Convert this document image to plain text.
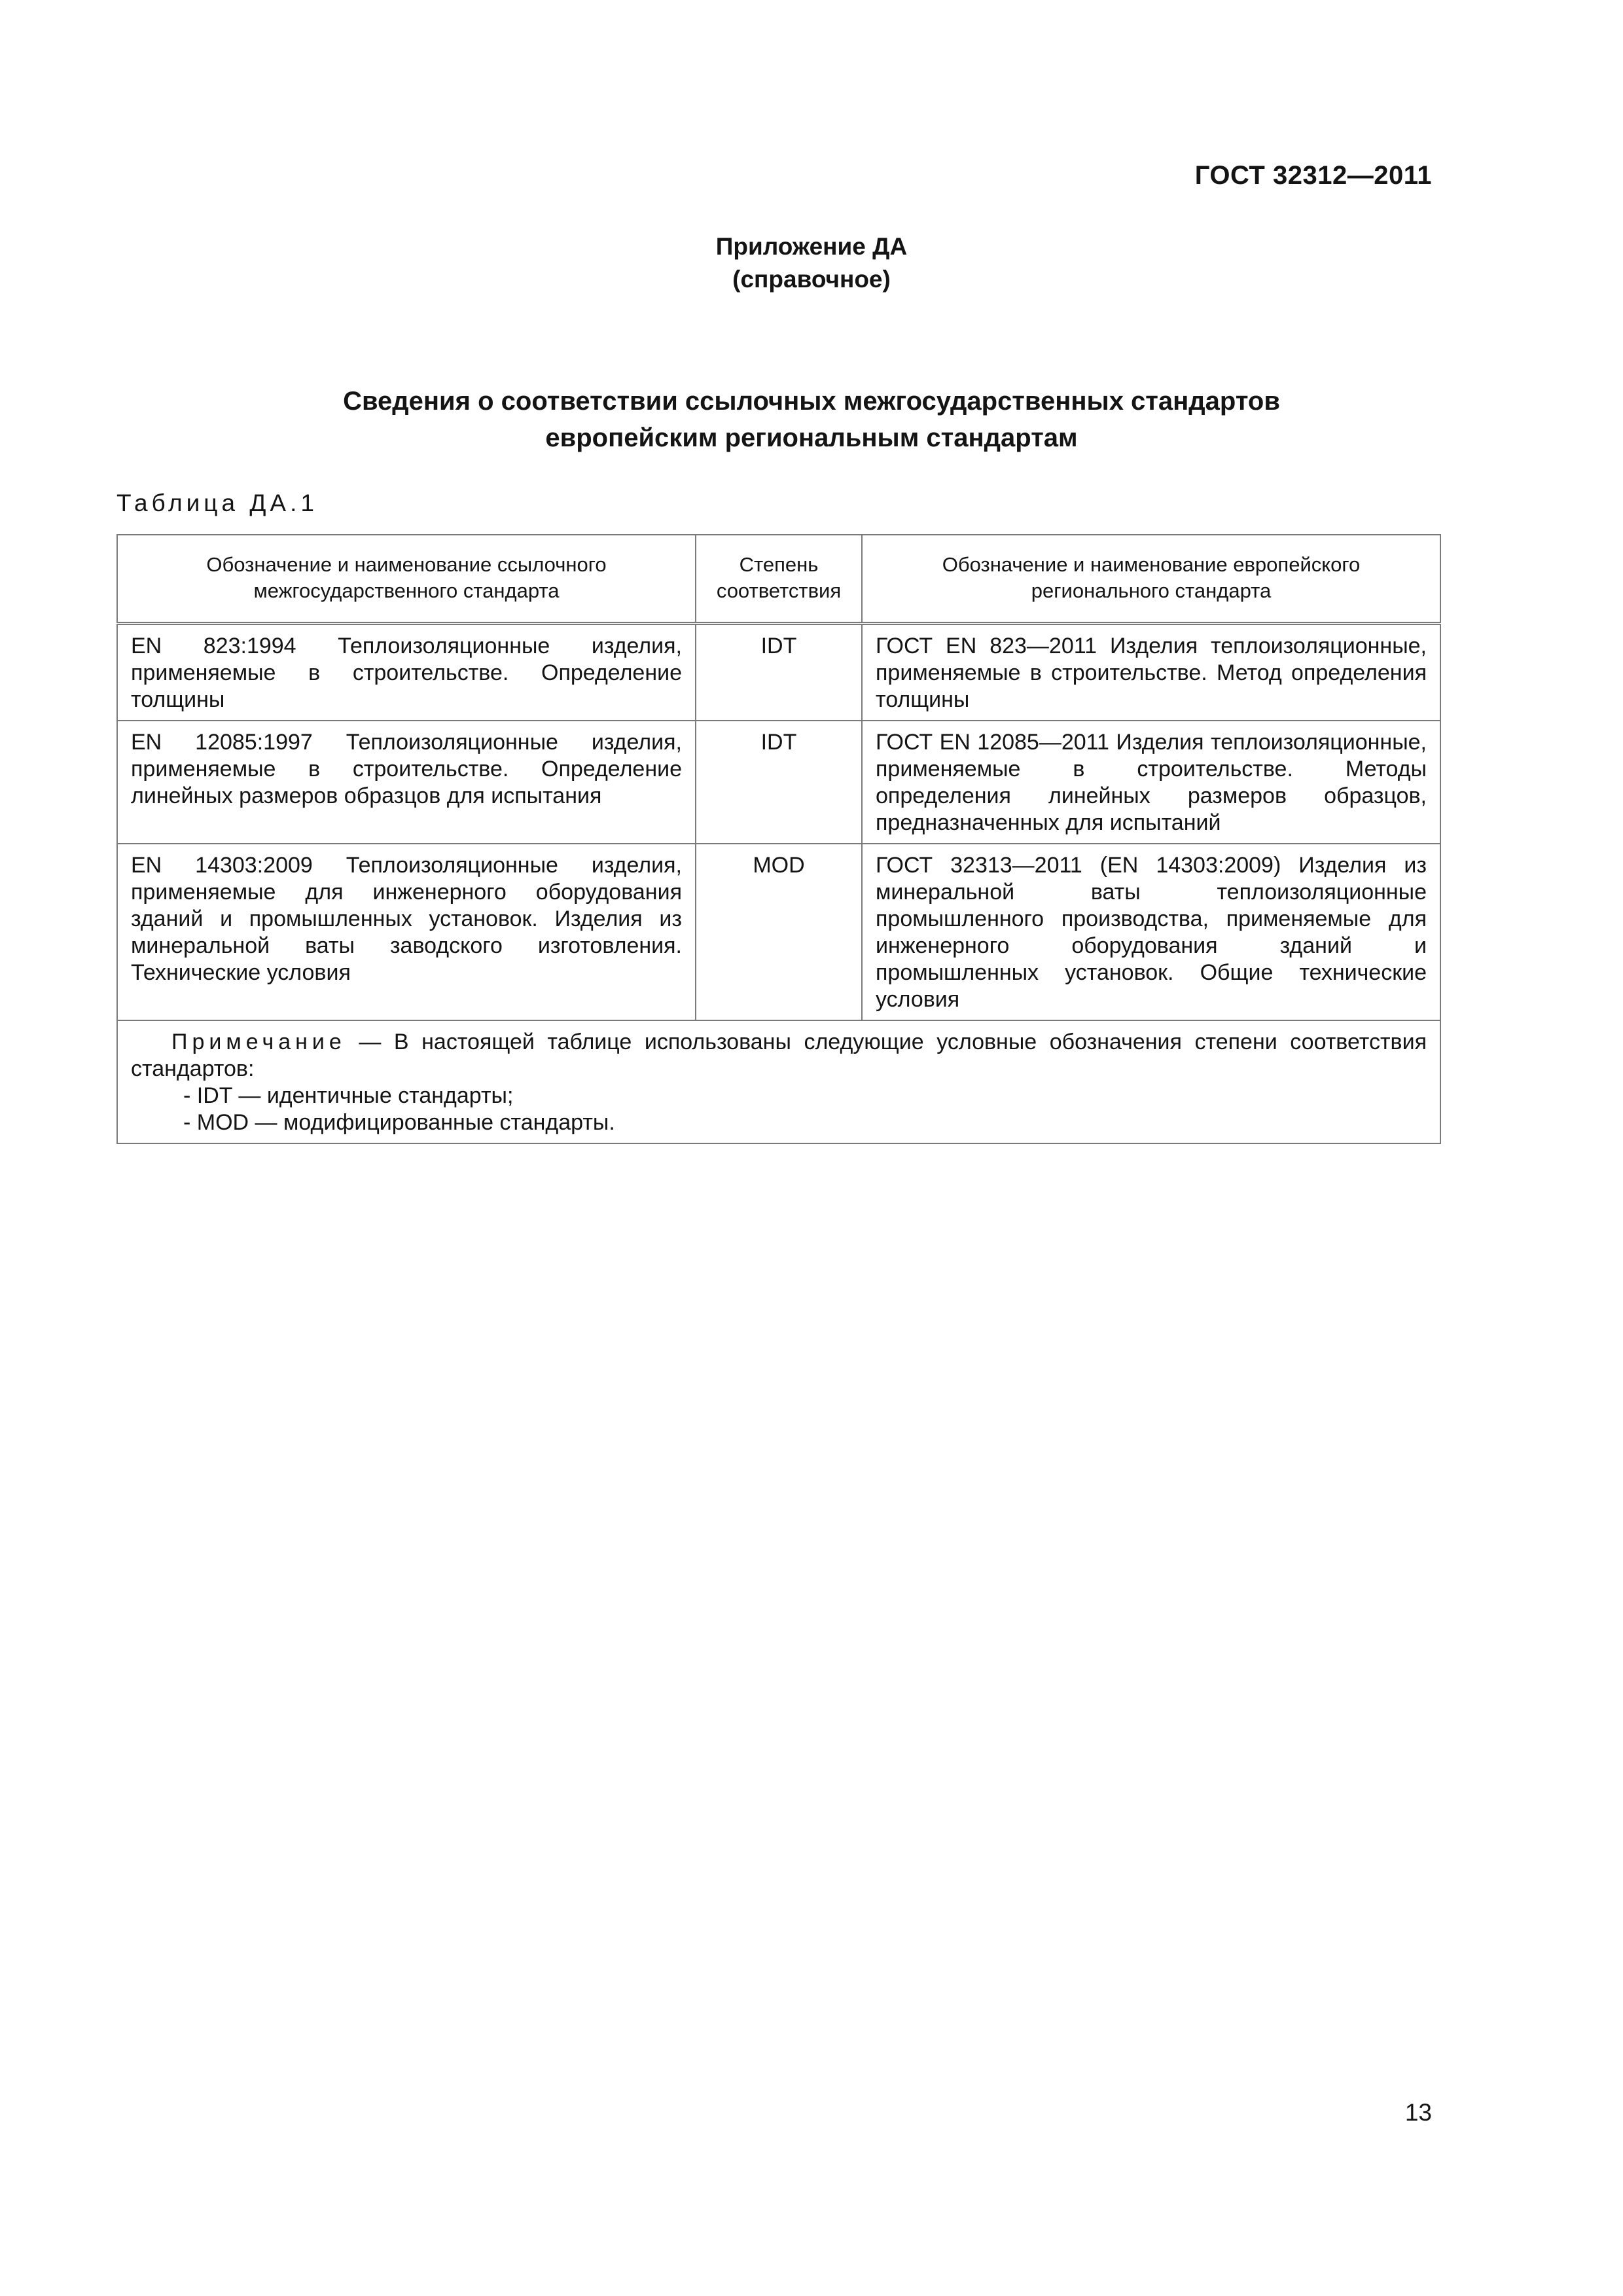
ГОСТ 32312—2011
Приложение ДА
(справочное)
Сведения о соответствии ссылочных межгосударственных стандартов
европейским региональным стандартам
Таблица ДА.1
Обозначение и наименование ссылочного межгосударственного стандарта	Степень соответствия	Обозначение и наименование европейского регионального стандарта
EN 823:1994 Теплоизоляционные изделия, применяемые в строительстве. Определение толщины	IDT	ГОСТ EN 823—2011 Изделия теплоизоляционные, применяемые в строительстве. Метод определения толщины
EN 12085:1997 Теплоизоляционные изделия, применяемые в строительстве. Определение линейных размеров образцов для испытания	IDT	ГОСТ EN 12085—2011 Изделия теплоизоляционные, применяемые в строительстве. Методы определения линейных размеров образцов, предназначенных для испытаний
EN 14303:2009 Теплоизоляционные изделия, применяемые для инженерного оборудования зданий и промышленных установок. Изделия из минеральной ваты заводского изготовления. Технические условия	MOD	ГОСТ 32313—2011 (EN 14303:2009) Изделия из минеральной ваты теплоизоляционные промышленного производства, применяемые для инженерного оборудования зданий и промышленных установок. Общие технические условия

Примечание — В настоящей таблице использованы следующие условные обозначения степени соответствия стандартов:
- IDT — идентичные стандарты;
- MOD — модифицированные стандарты.		
13
